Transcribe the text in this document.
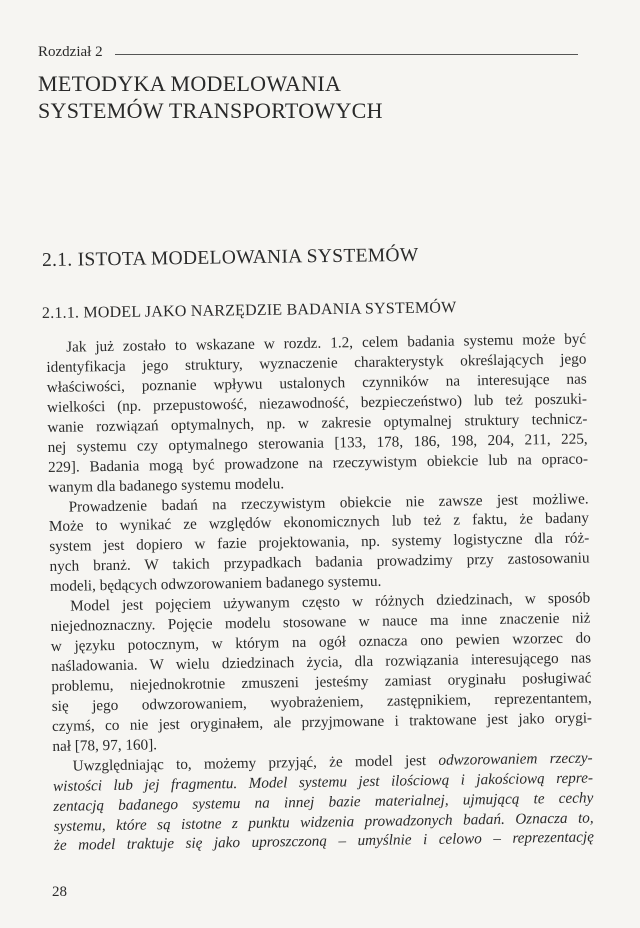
Rozdział 2
METODYKA MODELOWANIA
SYSTEMÓW TRANSPORTOWYCH
2.1. ISTOTA MODELOWANIA SYSTEMÓW
2.1.1. MODEL JAKO NARZĘDZIE BADANIA SYSTEMÓW
Jak już zostało to wskazane w rozdz. 1.2, celem badania systemu może być
identyfikacja jego struktury, wyznaczenie charakterystyk określających jego
właściwości, poznanie wpływu ustalonych czynników na interesujące nas
wielkości (np. przepustowość, niezawodność, bezpieczeństwo) lub też poszuki-
wanie rozwiązań optymalnych, np. w zakresie optymalnej struktury technicz-
nej systemu czy optymalnego sterowania [133, 178, 186, 198, 204, 211, 225,
229]. Badania mogą być prowadzone na rzeczywistym obiekcie lub na opraco-
wanym dla badanego systemu modelu.
Prowadzenie badań na rzeczywistym obiekcie nie zawsze jest możliwe.
Może to wynikać ze względów ekonomicznych lub też z faktu, że badany
system jest dopiero w fazie projektowania, np. systemy logistyczne dla róż-
nych branż. W takich przypadkach badania prowadzimy przy zastosowaniu
modeli, będących odwzorowaniem badanego systemu.
Model jest pojęciem używanym często w różnych dziedzinach, w sposób
niejednoznaczny. Pojęcie modelu stosowane w nauce ma inne znaczenie niż
w języku potocznym, w którym na ogół oznacza ono pewien wzorzec do
naśladowania. W wielu dziedzinach życia, dla rozwiązania interesującego nas
problemu, niejednokrotnie zmuszeni jesteśmy zamiast oryginału posługiwać
się jego odwzorowaniem, wyobrażeniem, zastępnikiem, reprezentantem,
czymś, co nie jest oryginałem, ale przyjmowane i traktowane jest jako orygi-
nał [78, 97, 160].
Uwzględniając to, możemy przyjąć, że model jest odwzorowaniem rzeczy-
wistości lub jej fragmentu. Model systemu jest ilościową i jakościową repre-
zentacją badanego systemu na innej bazie materialnej, ujmującą te cechy
systemu, które są istotne z punktu widzenia prowadzonych badań. Oznacza to,
że model traktuje się jako uproszczoną – umyślnie i celowo – reprezentację
28
